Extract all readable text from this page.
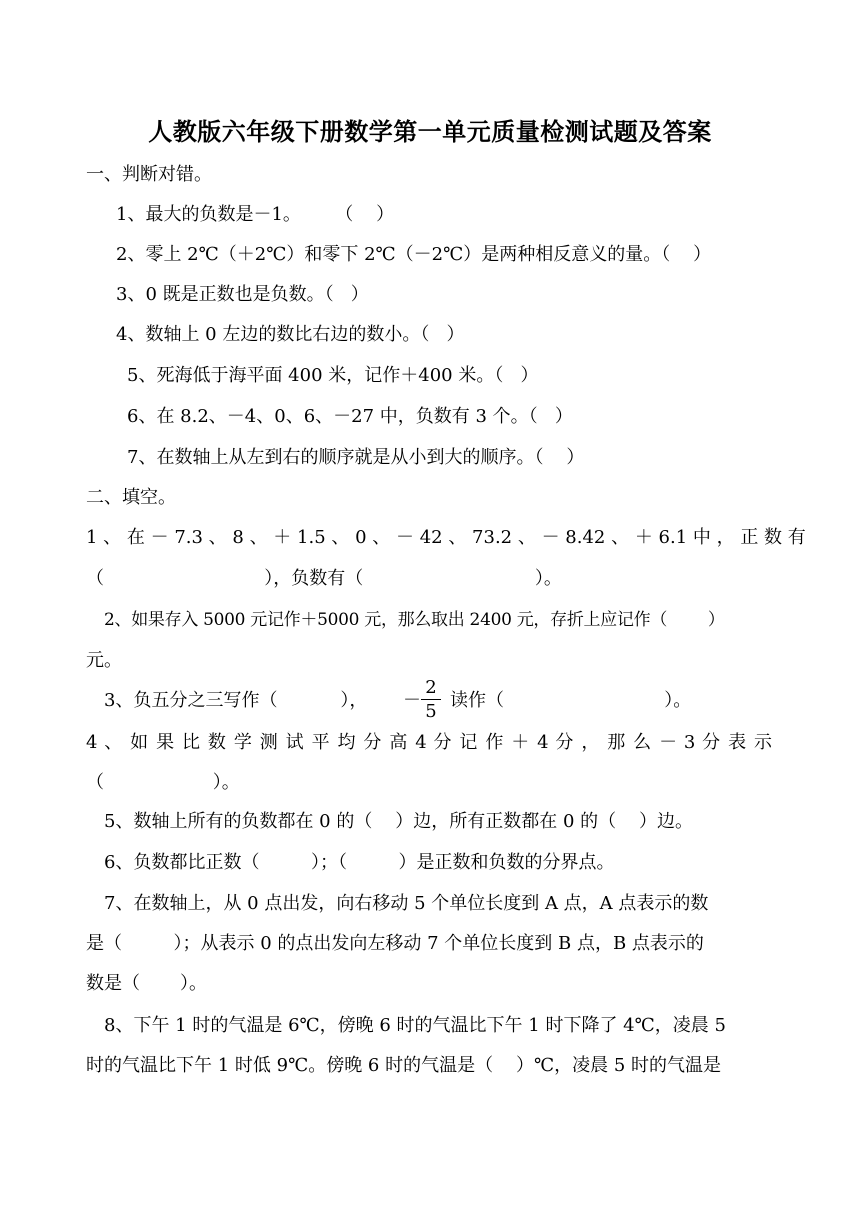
人教版六年级下册数学第一单元质量检测试题及答案
一、判断对错。
1、最大的负数是－1。      （    ）
2、零上 2℃（＋2℃）和零下 2℃（－2℃）是两种相反意义的量。（    ）
3、0 既是正数也是负数。（   ）
4、数轴上 0 左边的数比右边的数小。（   ）
5、死海低于海平面 400 米，记作＋400 米。（   ）
6、在 8.2、－4、0、6、－27 中，负数有 3 个。（   ）
7、在数轴上从左到右的顺序就是从小到大的顺序。（    ）
二、填空。
1 、 在 － 7.3 、 8 、 ＋ 1.5 、 0 、 － 42 、 73.2 、 － 8.42 、 ＋ 6.1 中 ， 正 数 有
（                            ），负数有（                              ）。
2、如果存入 5000 元记作＋5000 元，那么取出 2400 元，存折上应记作（        ）
元。
3、负五分之三写作（           ）， － $\frac{2}{5}$ 读作（                            ）。
4 、 如 果 比 数 学 测 试 平 均 分 高 4 分 记 作 ＋ 4 分 ， 那 么 － 3 分 表 示
（                   ）。
5、数轴上所有的负数都在 0 的（    ）边，所有正数都在 0 的（    ）边。
6、负数都比正数（         ）；（         ）是正数和负数的分界点。
7、在数轴上，从 0 点出发，向右移动 5 个单位长度到 A 点，A 点表示的数
是（         ）；从表示 0 的点出发向左移动 7 个单位长度到 B 点，B 点表示的
数是（       ）。
8、下午 1 时的气温是 6℃，傍晚 6 时的气温比下午 1 时下降了 4℃，凌晨 5
时的气温比下午 1 时低 9℃。傍晚 6 时的气温是（    ）℃，凌晨 5 时的气温是
